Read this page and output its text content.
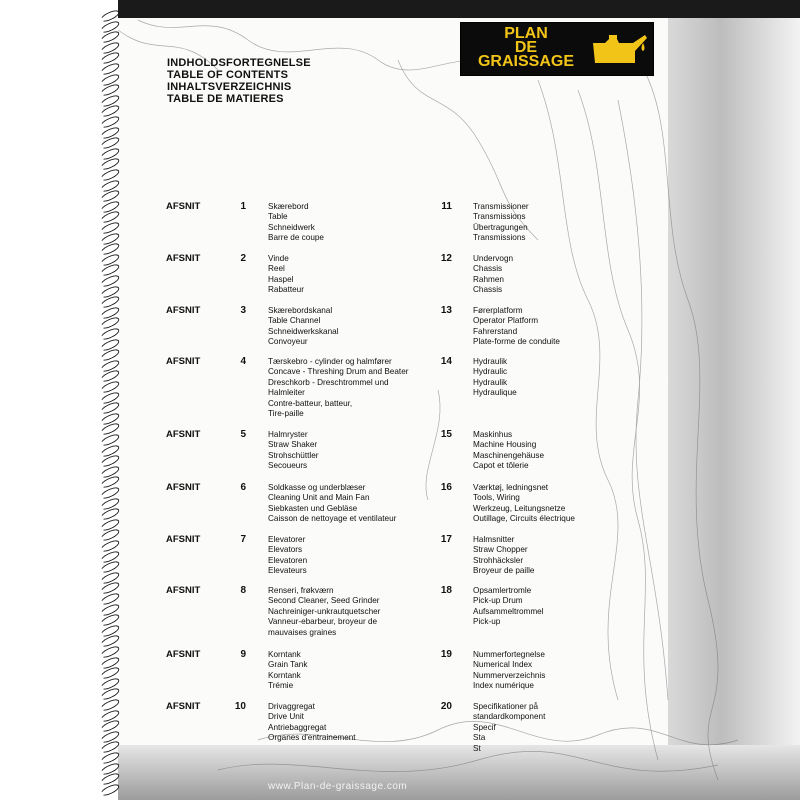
PLAN
DE
GRAISSAGE
INDHOLDSFORTEGNELSE
TABLE OF CONTENTS
INHALTSVERZEICHNIS
TABLE DE MATIERES
AFSNIT	1	Skærebord
Table
Schneidwerk
Barre de coupe
AFSNIT	2	Vinde
Reel
Haspel
Rabatteur
AFSNIT	3	Skærebordskanal
Table Channel
Schneidwerkskanal
Convoyeur
AFSNIT	4	Tærskebro - cylinder og halmfører
Concave - Threshing Drum and Beater
Dreschkorb - Dreschtrommel und
Halmleiter
Contre-batteur, batteur,
Tire-paille
AFSNIT	5	Halmryster
Straw Shaker
Strohschüttler
Secoueurs
AFSNIT	6	Soldkasse og underblæser
Cleaning Unit and Main Fan
Siebkasten und Gebläse
Caisson de nettoyage et ventilateur
AFSNIT	7	Elevatorer
Elevators
Elevatoren
Elevateurs
AFSNIT	8	Renseri, frøkværn
Second Cleaner, Seed Grinder
Nachreiniger-unkrautquetscher
Vanneur-ebarbeur, broyeur de
mauvaises graines
AFSNIT	9	Korntank
Grain Tank
Korntank
Trémie
AFSNIT	10	Drivaggregat
Drive Unit
Antriebaggregat
Organes d'entrainement
11	Transmissioner
Transmissions
Übertragungen
Transmissions
12	Undervogn
Chassis
Rahmen
Chassis
13	Førerplatform
Operator Platform
Fahrerstand
Plate-forme de conduite
14	Hydraulik
Hydraulic
Hydraulik
Hydraulique
15	Maskinhus
Machine Housing
Maschinengehäuse
Capot et tôlerie
16	Værktøj, ledningsnet
Tools, Wiring
Werkzeug, Leitungsnetze
Outillage, Circuits électrique
17	Halmsnitter
Straw Chopper
Strohhäcksler
Broyeur de paille
18	Opsamlertromle
Pick-up Drum
Aufsammeltrommel
Pick-up
19	Nummerfortegnelse
Numerical Index
Nummerverzeichnis
Index numérique
20	Specifikationer på
standardkomponent
Specif
Sta
St
www.Plan-de-graissage.com
